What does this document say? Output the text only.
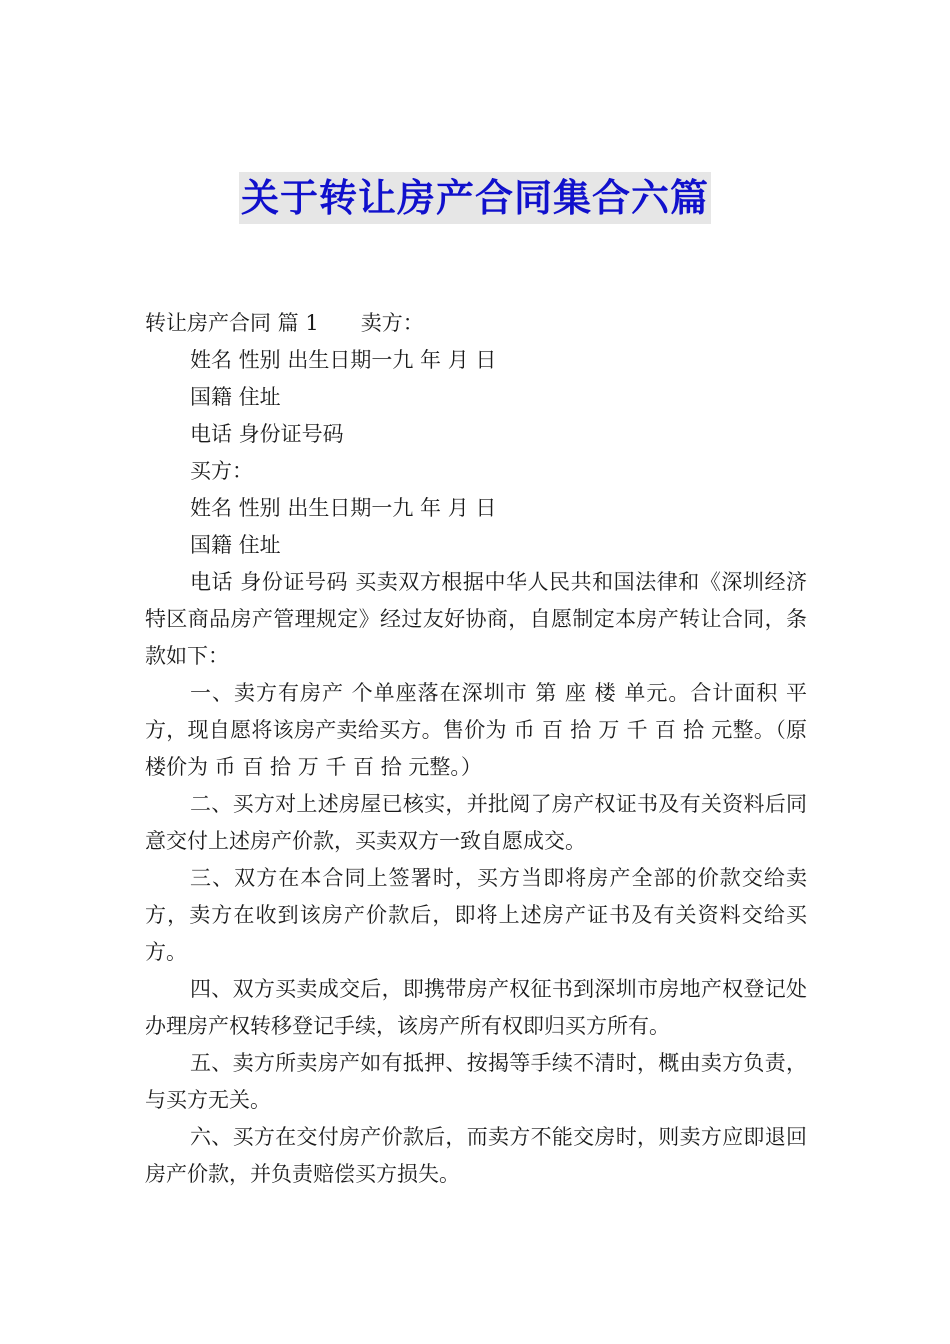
关于转让房产合同集合六篇
转让房产合同 篇 1 卖方：
姓名 性别 出生日期一九 年 月 日
国籍 住址
电话 身份证号码
买方：
姓名 性别 出生日期一九 年 月 日
国籍 住址

电话 身份证号码 买卖双方根据中华人民共和国法律和《深圳经济特区商品房产管理规定》经过友好协商，自愿制定本房产转让合同，条款如下：

一、卖方有房产 个单座落在深圳市 第 座 楼 单元。合计面积 平方，现自愿将该房产卖给买方。售价为 币 百 拾 万 千 百 拾 元整。（原楼价为 币 百 拾 万 千 百 拾 元整。）

二、买方对上述房屋已核实，并批阅了房产权证书及有关资料后同意交付上述房产价款，买卖双方一致自愿成交。

三、双方在本合同上签署时，买方当即将房产全部的价款交给卖方，卖方在收到该房产价款后，即将上述房产证书及有关资料交给买方。

四、双方买卖成交后，即携带房产权征书到深圳市房地产权登记处办理房产权转移登记手续，该房产所有权即归买方所有。

五、卖方所卖房产如有抵押、按揭等手续不清时，概由卖方负责，与买方无关。

六、买方在交付房产价款后，而卖方不能交房时，则卖方应即退回房产价款，并负责赔偿买方损失。
